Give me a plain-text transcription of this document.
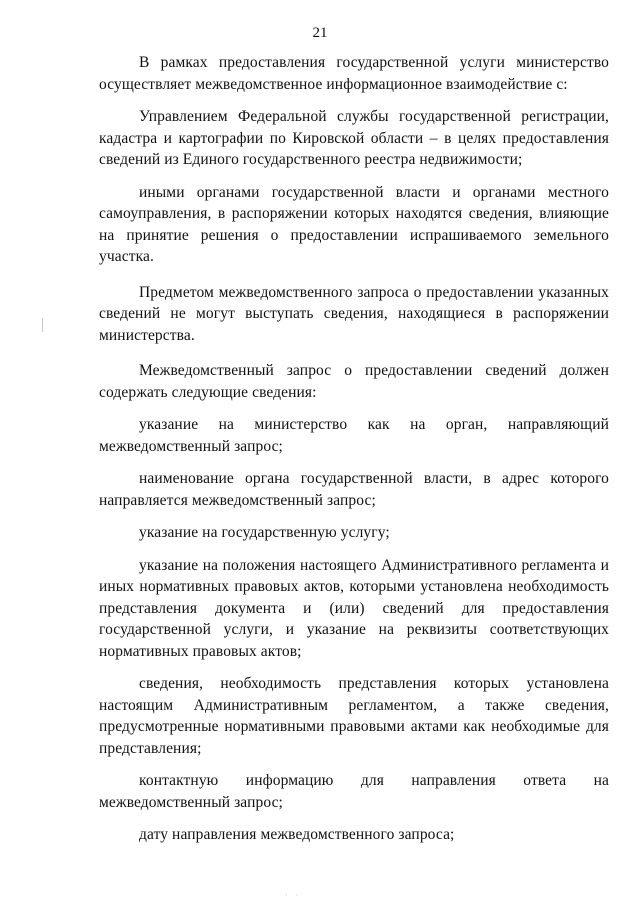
21

В рамках предоставления государственной услуги министерство осуществляет межведомственное информационное взаимодействие с:

Управлением Федеральной службы государственной регистрации, кадастра и картографии по Кировской области – в целях предоставления сведений из Единого государственного реестра недвижимости;

иными органами государственной власти и органами местного самоуправления, в распоряжении которых находятся сведения, влияющие на принятие решения о предоставлении испрашиваемого земельного участка.

Предметом межведомственного запроса о предоставлении указанных сведений не могут выступать сведения, находящиеся в распоряжении министерства.

Межведомственный запрос о предоставлении сведений должен содержать следующие сведения:

указание на министерство как на орган, направляющий межведомственный запрос;

наименование органа государственной власти, в адрес которого направляется межведомственный запрос;

указание на государственную услугу;

указание на положения настоящего Административного регламента и иных нормативных правовых актов, которыми установлена необходимость представления документа и (или) сведений для предоставления государственной услуги, и указание на реквизиты соответствующих нормативных правовых актов;

сведения, необходимость представления которых установлена настоящим Административным регламентом, а также сведения, предусмотренные нормативными правовыми актами как необходимые для представления;

контактную информацию для направления ответа на межведомственный запрос;

дату направления межведомственного запроса;

· ·
